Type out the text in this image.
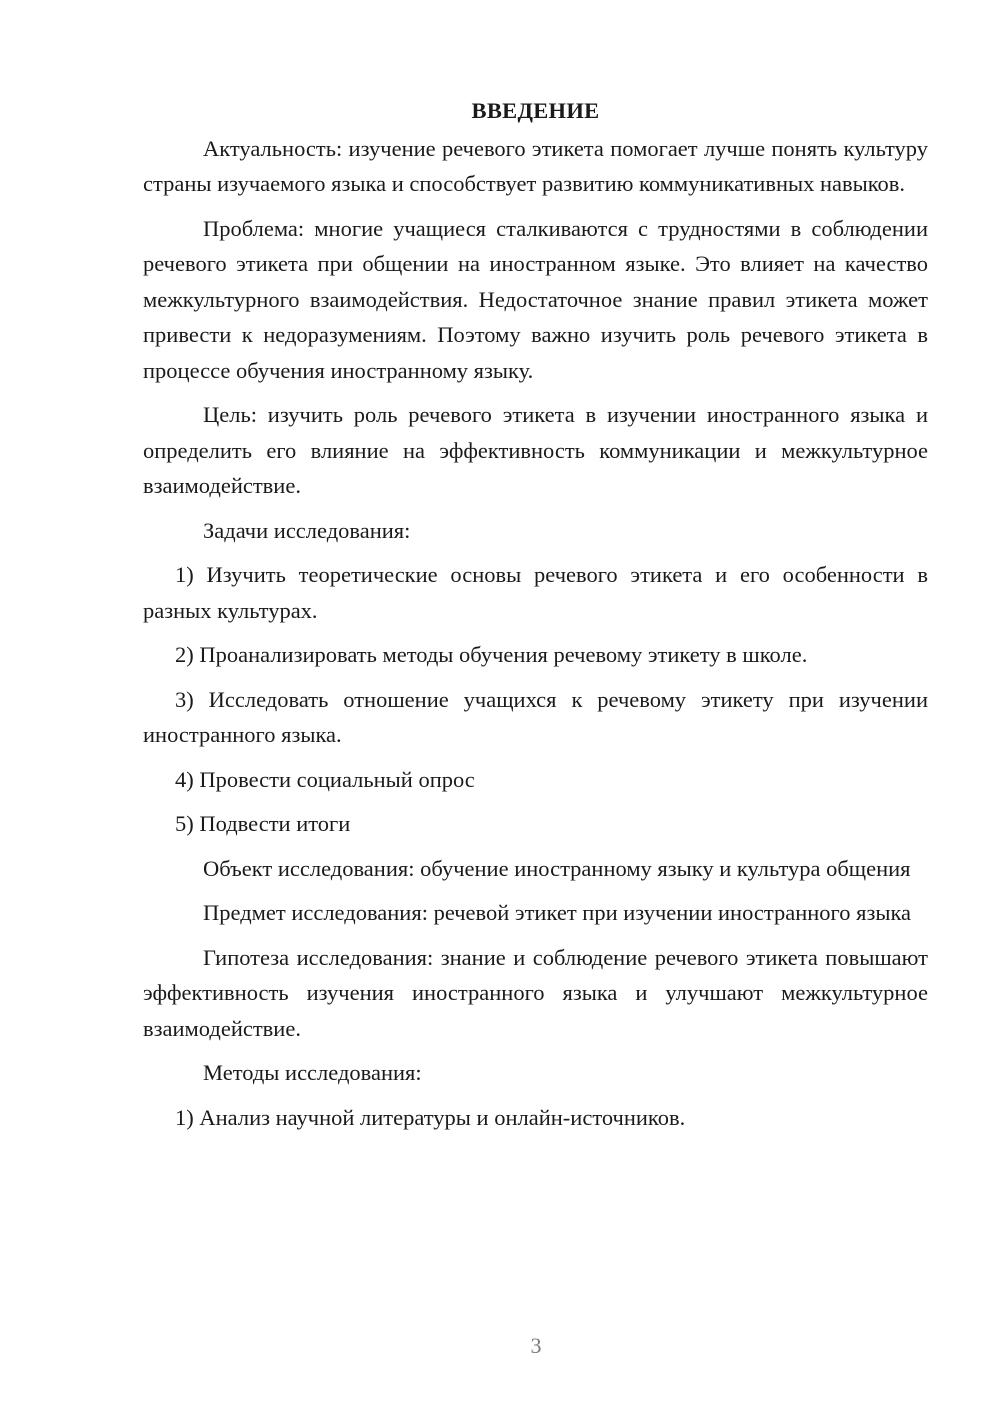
ВВЕДЕНИЕ

Актуальность: изучение речевого этикета помогает лучше понять культуру страны изучаемого языка и способствует развитию коммуникативных навыков.

Проблема: многие учащиеся сталкиваются с трудностями в соблюдении речевого этикета при общении на иностранном языке. Это влияет на качество межкультурного взаимодействия. Недостаточное знание правил этикета может привести к недоразумениям. Поэтому важно изучить роль речевого этикета в процессе обучения иностранному языку.

Цель: изучить роль речевого этикета в изучении иностранного языка и определить его влияние на эффективность коммуникации и межкультурное взаимодействие.

Задачи исследования:

1) Изучить теоретические основы речевого этикета и его особенности в разных культурах.

2) Проанализировать методы обучения речевому этикету в школе.

3) Исследовать отношение учащихся к речевому этикету при изучении иностранного языка.

4) Провести социальный опрос

5) Подвести итоги

Объект исследования: обучение иностранному языку и культура общения

Предмет исследования: речевой этикет при изучении иностранного языка

Гипотеза исследования: знание и соблюдение речевого этикета повышают эффективность изучения иностранного языка и улучшают межкультурное взаимодействие.

Методы исследования:

1) Анализ научной литературы и онлайн-источников.

3
